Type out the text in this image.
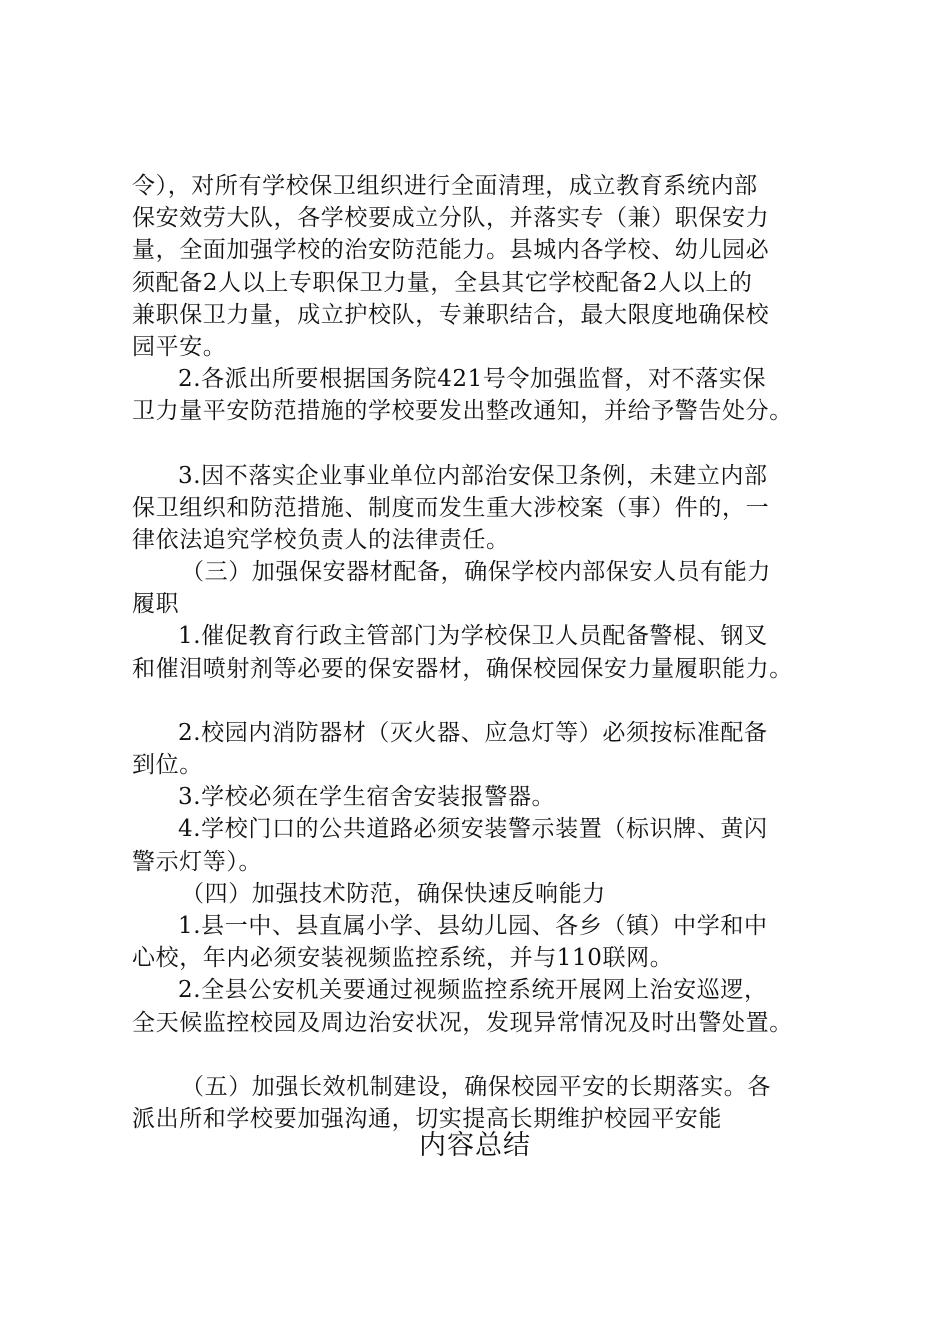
令），对所有学校保卫组织进行全面清理，成立教育系统内部
保安效劳大队，各学校要成立分队，并落实专（兼）职保安力
量，全面加强学校的治安防范能力。县城内各学校、幼儿园必
须配备2人以上专职保卫力量，全县其它学校配备2人以上的
兼职保卫力量，成立护校队，专兼职结合，最大限度地确保校
园平安。
2.各派出所要根据国务院421号令加强监督，对不落实保
卫力量平安防范措施的学校要发出整改通知，并给予警告处分。
3.因不落实企业事业单位内部治安保卫条例，未建立内部
保卫组织和防范措施、制度而发生重大涉校案（事）件的，一
律依法追究学校负责人的法律责任。
（三）加强保安器材配备，确保学校内部保安人员有能力
履职
1.催促教育行政主管部门为学校保卫人员配备警棍、钢叉
和催泪喷射剂等必要的保安器材，确保校园保安力量履职能力。
2.校园内消防器材（灭火器、应急灯等）必须按标准配备
到位。
3.学校必须在学生宿舍安装报警器。
4.学校门口的公共道路必须安装警示装置（标识牌、黄闪
警示灯等）。
（四）加强技术防范，确保快速反响能力
1.县一中、县直属小学、县幼儿园、各乡（镇）中学和中
心校，年内必须安装视频监控系统，并与110联网。
2.全县公安机关要通过视频监控系统开展网上治安巡逻，
全天候监控校园及周边治安状况，发现异常情况及时出警处置。
（五）加强长效机制建设，确保校园平安的长期落实。各
派出所和学校要加强沟通，切实提高长期维护校园平安能
内容总结
